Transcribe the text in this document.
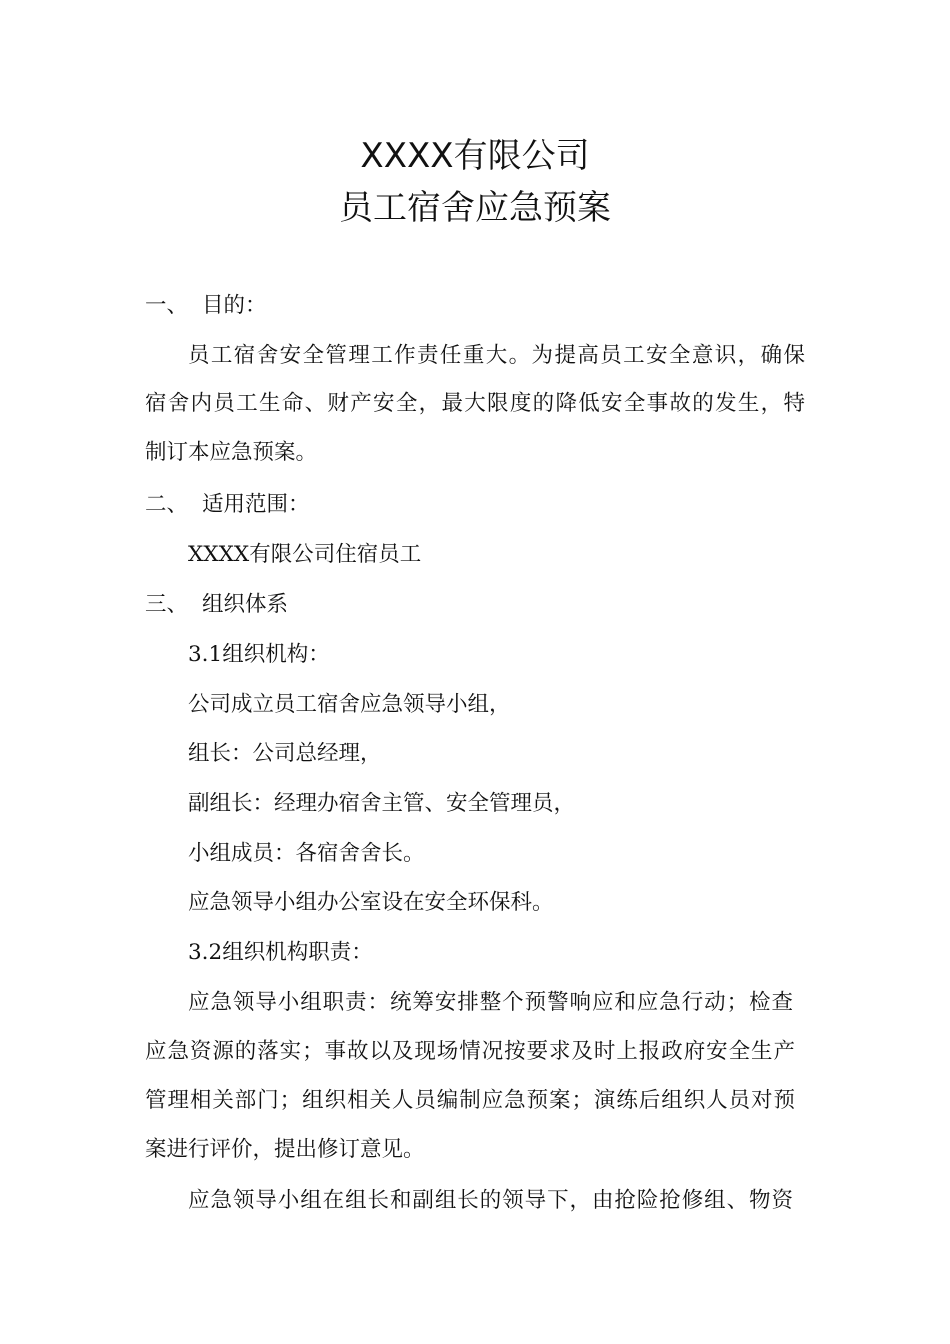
XXXX有限公司
员工宿舍应急预案
一、 目的：
员工宿舍安全管理工作责任重大。为提高员工安全意识，确保
宿舍内员工生命、财产安全，最大限度的降低安全事故的发生，特
制订本应急预案。
二、 适用范围：
XXXX有限公司住宿员工
三、 组织体系
3.1组织机构：
公司成立员工宿舍应急领导小组，
组长：公司总经理，
副组长：经理办宿舍主管、安全管理员，
小组成员：各宿舍舍长。
应急领导小组办公室设在安全环保科。
3.2组织机构职责：
应急领导小组职责：统筹安排整个预警响应和应急行动；检查
应急资源的落实；事故以及现场情况按要求及时上报政府安全生产
管理相关部门；组织相关人员编制应急预案；演练后组织人员对预
案进行评价，提出修订意见。
应急领导小组在组长和副组长的领导下，由抢险抢修组、物资
